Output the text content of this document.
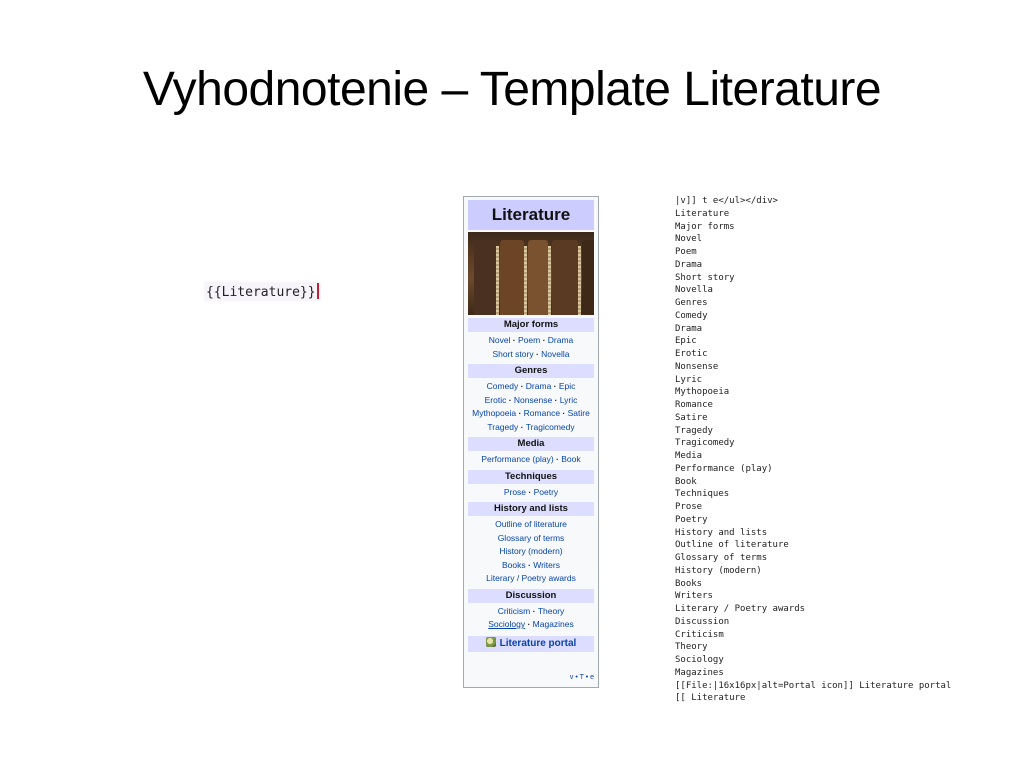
Vyhodnotenie – Template Literature
{{Literature}}
Literature
Major forms
Novel · Poem · Drama
Short story · Novella
Genres
Comedy · Drama · Epic
Erotic · Nonsense · Lyric
Mythopoeia · Romance · Satire
Tragedy · Tragicomedy
Media
Performance (play) · Book
Techniques
Prose · Poetry
History and lists
Outline of literature
Glossary of terms
History (modern)
Books · Writers
Literary / Poetry awards
Discussion
Criticism · Theory
Sociology · Magazines
Literature portal
v • T • e
|v]] t e</ul></div>
Literature
Major forms
Novel
Poem
Drama
Short story
Novella
Genres
Comedy
Drama
Epic
Erotic
Nonsense
Lyric
Mythopoeia
Romance
Satire
Tragedy
Tragicomedy
Media
Performance (play)
Book
Techniques
Prose
Poetry
History and lists
Outline of literature
Glossary of terms
History (modern)
Books
Writers
Literary / Poetry awards
Discussion
Criticism
Theory
Sociology
Magazines
[[File:|16x16px|alt=Portal icon]] Literature portal
[[ Literature
